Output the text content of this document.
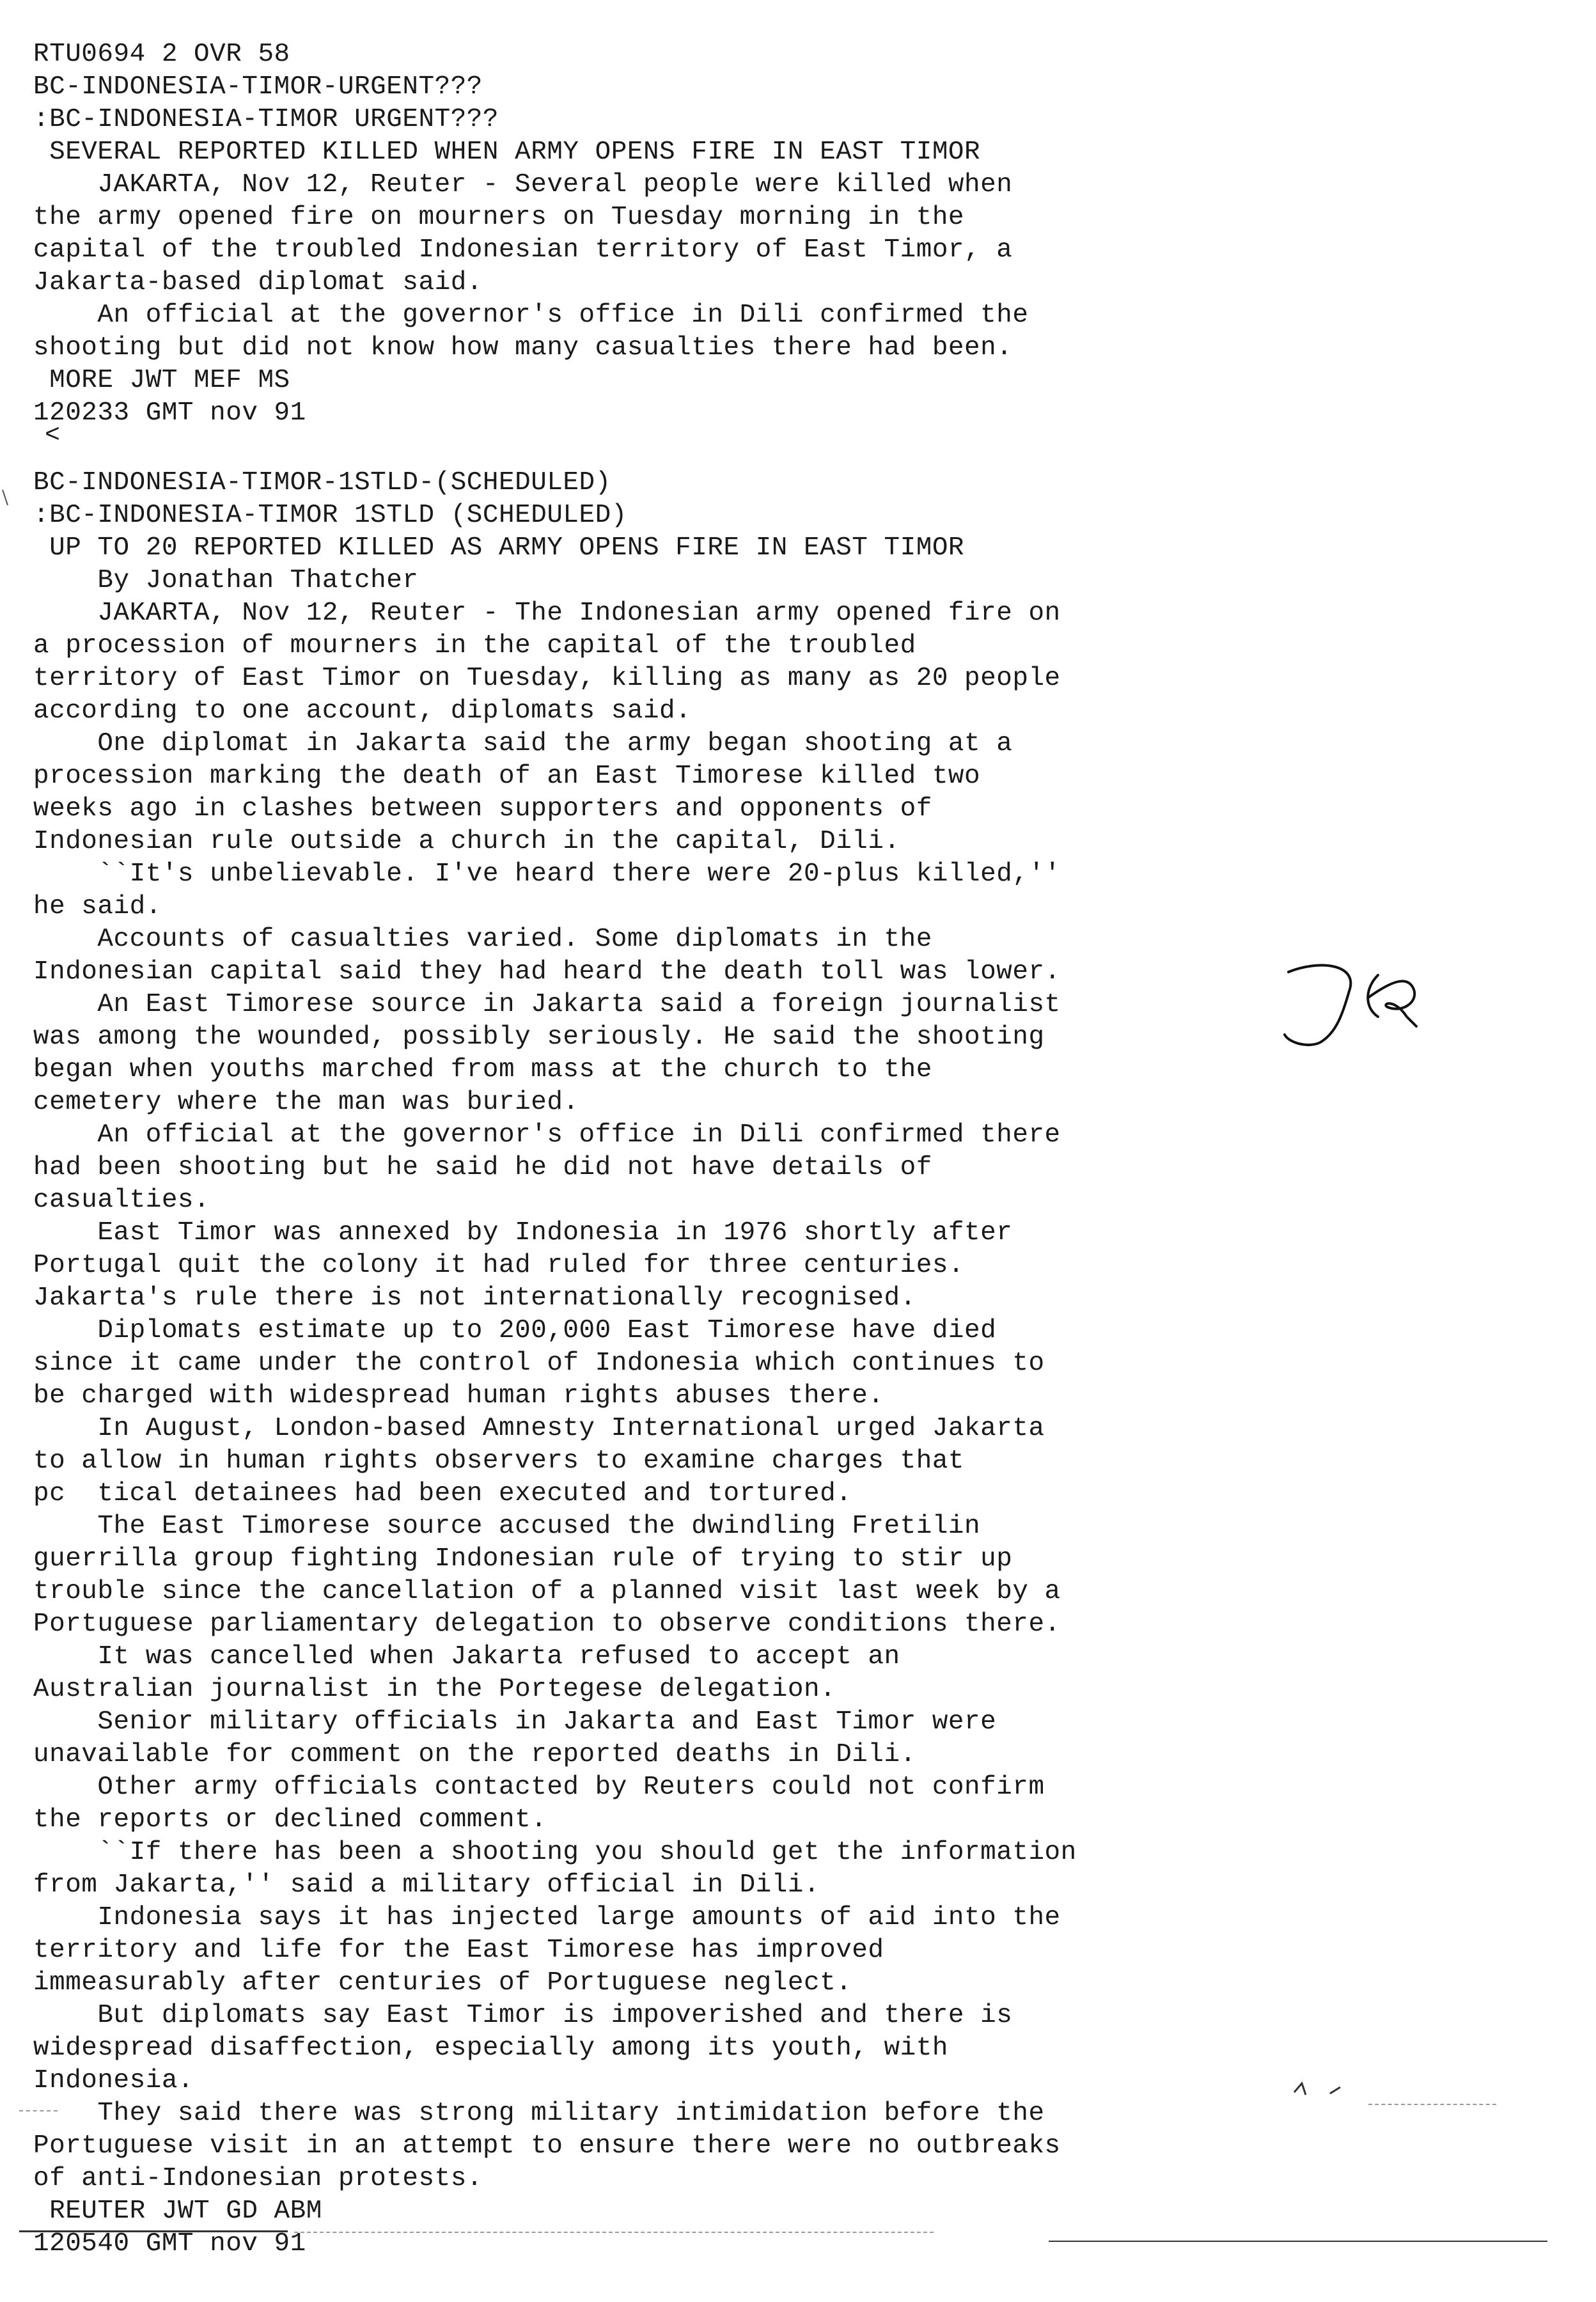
RTU0694 2 OVR 58
BC-INDONESIA-TIMOR-URGENT???
:BC-INDONESIA-TIMOR URGENT???
SEVERAL REPORTED KILLED WHEN ARMY OPENS FIRE IN EAST TIMOR
JAKARTA, Nov 12, Reuter - Several people were killed when
the army opened fire on mourners on Tuesday morning in the
capital of the troubled Indonesian territory of East Timor, a
Jakarta-based diplomat said.
An official at the governor's office in Dili confirmed the
shooting but did not know how many casualties there had been.
MORE JWT MEF MS
120233 GMT nov 91
<
BC-INDONESIA-TIMOR-1STLD-(SCHEDULED)
:BC-INDONESIA-TIMOR 1STLD (SCHEDULED)
UP TO 20 REPORTED KILLED AS ARMY OPENS FIRE IN EAST TIMOR
By Jonathan Thatcher
JAKARTA, Nov 12, Reuter - The Indonesian army opened fire on
a procession of mourners in the capital of the troubled
territory of East Timor on Tuesday, killing as many as 20 people
according to one account, diplomats said.
One diplomat in Jakarta said the army began shooting at a
procession marking the death of an East Timorese killed two
weeks ago in clashes between supporters and opponents of
Indonesian rule outside a church in the capital, Dili.
``It's unbelievable. I've heard there were 20-plus killed,''
he said.
Accounts of casualties varied. Some diplomats in the
Indonesian capital said they had heard the death toll was lower.
An East Timorese source in Jakarta said a foreign journalist
was among the wounded, possibly seriously. He said the shooting
began when youths marched from mass at the church to the
cemetery where the man was buried.
An official at the governor's office in Dili confirmed there
had been shooting but he said he did not have details of
casualties.
East Timor was annexed by Indonesia in 1976 shortly after
Portugal quit the colony it had ruled for three centuries.
Jakarta's rule there is not internationally recognised.
Diplomats estimate up to 200,000 East Timorese have died
since it came under the control of Indonesia which continues to
be charged with widespread human rights abuses there.
In August, London-based Amnesty International urged Jakarta
to allow in human rights observers to examine charges that
pc  tical detainees had been executed and tortured.
The East Timorese source accused the dwindling Fretilin
guerrilla group fighting Indonesian rule of trying to stir up
trouble since the cancellation of a planned visit last week by a
Portuguese parliamentary delegation to observe conditions there.
It was cancelled when Jakarta refused to accept an
Australian journalist in the Portegese delegation.
Senior military officials in Jakarta and East Timor were
unavailable for comment on the reported deaths in Dili.
Other army officials contacted by Reuters could not confirm
the reports or declined comment.
``If there has been a shooting you should get the information
from Jakarta,'' said a military official in Dili.
Indonesia says it has injected large amounts of aid into the
territory and life for the East Timorese has improved
immeasurably after centuries of Portuguese neglect.
But diplomats say East Timor is impoverished and there is
widespread disaffection, especially among its youth, with
Indonesia.
They said there was strong military intimidation before the
Portuguese visit in an attempt to ensure there were no outbreaks
of anti-Indonesian protests.
REUTER JWT GD ABM
120540 GMT nov 91
